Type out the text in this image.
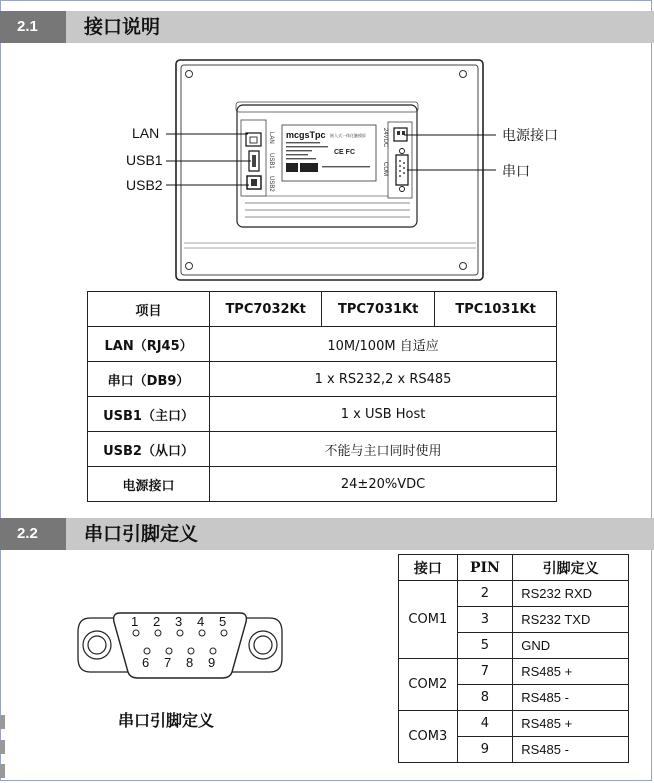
2.1	接口说明
mcgsTpc 嵌入式一体化触摸屏
CE FC
LAN
USB1
USB2
24VDC
COM
LAN
USB1
USB2
电源接口
串口
项目	TPC7032Kt	TPC7031Kt	TPC1031Kt
LAN（RJ45）	10M/100M 自适应		
串口（DB9）	1 x RS232,2 x RS485		
USB1（主口）	1 x USB Host		
USB2（从口）	不能与主口同时使用		
电源接口	24±20%VDC		
2.2	串口引脚定义
1 2 3 4 5
6 7 8 9
串口引脚定义
接口	PIN	引脚定义
COM1	2	RS232 RXD
	3	RS232 TXD
	5	GND
COM2	7	RS485 +
	8	RS485 -
COM3	4	RS485 +
	9	RS485 -
